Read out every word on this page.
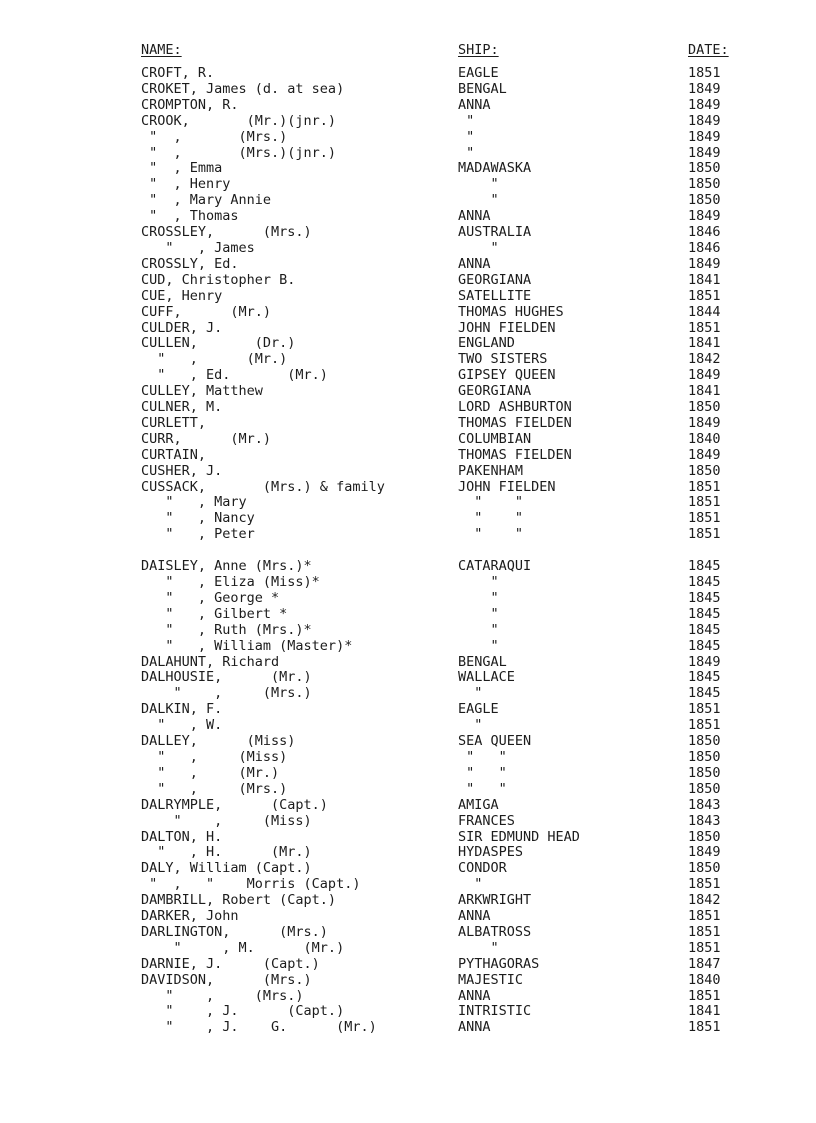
NAME:	SHIP:	DATE:
CROFT, R.	EAGLE	1851
CROKET, James (d. at sea)	BENGAL	1849
CROMPTON, R.	ANNA	1849
CROOK,       (Mr.)(jnr.)	"	1849
"  ,       (Mrs.)	"	1849
"  ,       (Mrs.)(jnr.)	"	1849
"  , Emma	MADAWASKA	1850
"  , Henry	"	1850
"  , Mary Annie	"	1850
"  , Thomas	ANNA	1849
CROSSLEY,      (Mrs.)	AUSTRALIA	1846
"   , James	"	1846
CROSSLY, Ed.	ANNA	1849
CUD, Christopher B.	GEORGIANA	1841
CUE, Henry	SATELLITE	1851
CUFF,      (Mr.)	THOMAS HUGHES	1844
CULDER, J.	JOHN FIELDEN	1851
CULLEN,       (Dr.)	ENGLAND	1841
"   ,      (Mr.)	TWO SISTERS	1842
"   , Ed.       (Mr.)	GIPSEY QUEEN	1849
CULLEY, Matthew	GEORGIANA	1841
CULNER, M.	LORD ASHBURTON	1850
CURLETT,	THOMAS FIELDEN	1849
CURR,      (Mr.)	COLUMBIAN	1840
CURTAIN,	THOMAS FIELDEN	1849
CUSHER, J.	PAKENHAM	1850
CUSSACK,       (Mrs.) & family	JOHN FIELDEN	1851
"   , Mary	"    "	1851
"   , Nancy	"    "	1851
"   , Peter	"    "	1851
DAISLEY, Anne (Mrs.)*	CATARAQUI	1845
"   , Eliza (Miss)*	"	1845
"   , George *	"	1845
"   , Gilbert *	"	1845
"   , Ruth (Mrs.)*	"	1845
"   , William (Master)*	"	1845
DALAHUNT, Richard	BENGAL	1849
DALHOUSIE,      (Mr.)	WALLACE	1845
"    ,     (Mrs.)	"	1845
DALKIN, F.	EAGLE	1851
"   , W.	"	1851
DALLEY,      (Miss)	SEA QUEEN	1850
"   ,     (Miss)	"   "	1850
"   ,     (Mr.)	"   "	1850
"   ,     (Mrs.)	"   "	1850
DALRYMPLE,      (Capt.)	AMIGA	1843
"    ,     (Miss)	FRANCES	1843
DALTON, H.	SIR EDMUND HEAD	1850
"   , H.      (Mr.)	HYDASPES	1849
DALY, William (Capt.)	CONDOR	1850
"  ,   "    Morris (Capt.)	"	1851
DAMBRILL, Robert (Capt.)	ARKWRIGHT	1842
DARKER, John	ANNA	1851
DARLINGTON,      (Mrs.)	ALBATROSS	1851
"     , M.      (Mr.)	"	1851
DARNIE, J.     (Capt.)	PYTHAGORAS	1847
DAVIDSON,      (Mrs.)	MAJESTIC	1840
"    ,     (Mrs.)	ANNA	1851
"    , J.      (Capt.)	INTRISTIC	1841
"    , J.    G.      (Mr.)	ANNA	1851
